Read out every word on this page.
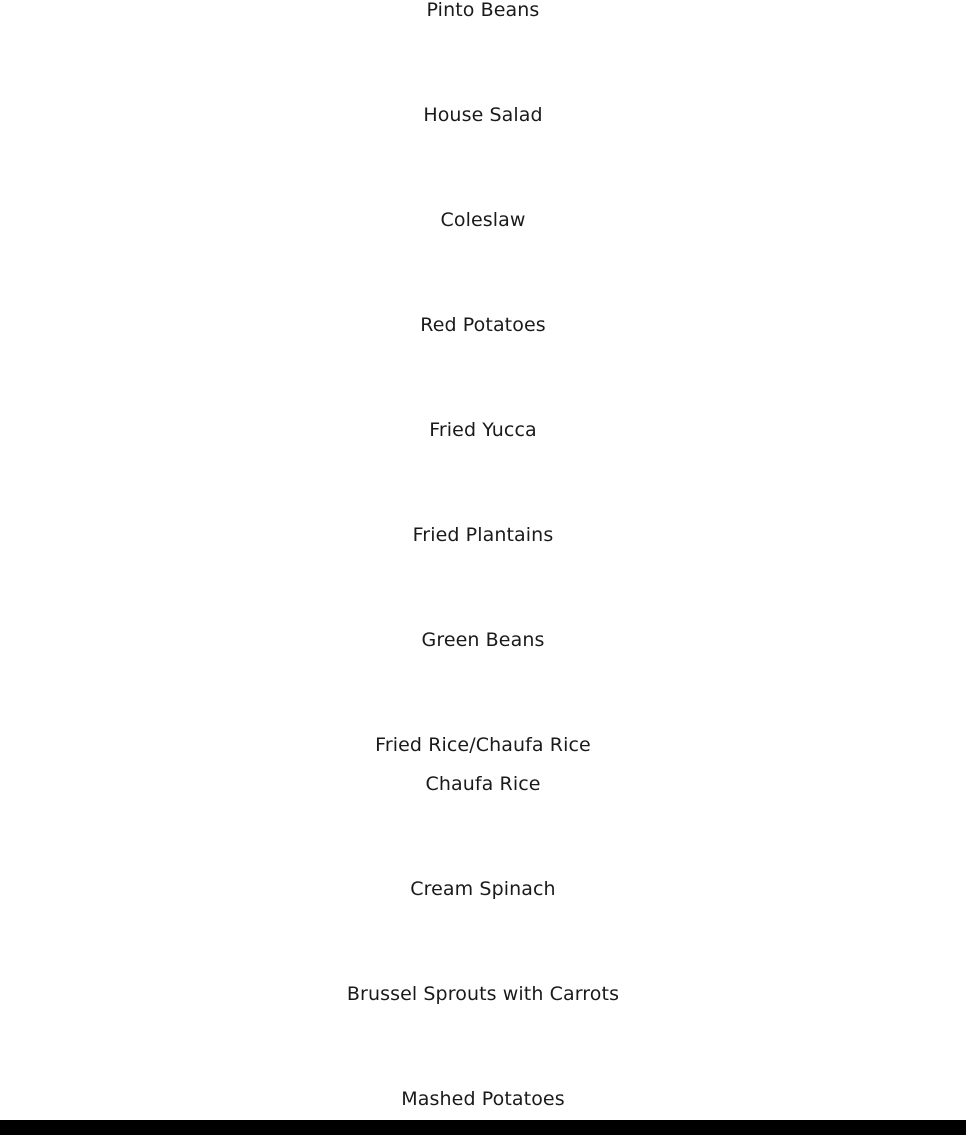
Pinto Beans
House Salad
Coleslaw
Red Potatoes
Fried Yucca
Fried Plantains
Green Beans
Fried Rice/Chaufa Rice
Chaufa Rice
Cream Spinach
Brussel Sprouts with Carrots
Mashed Potatoes
